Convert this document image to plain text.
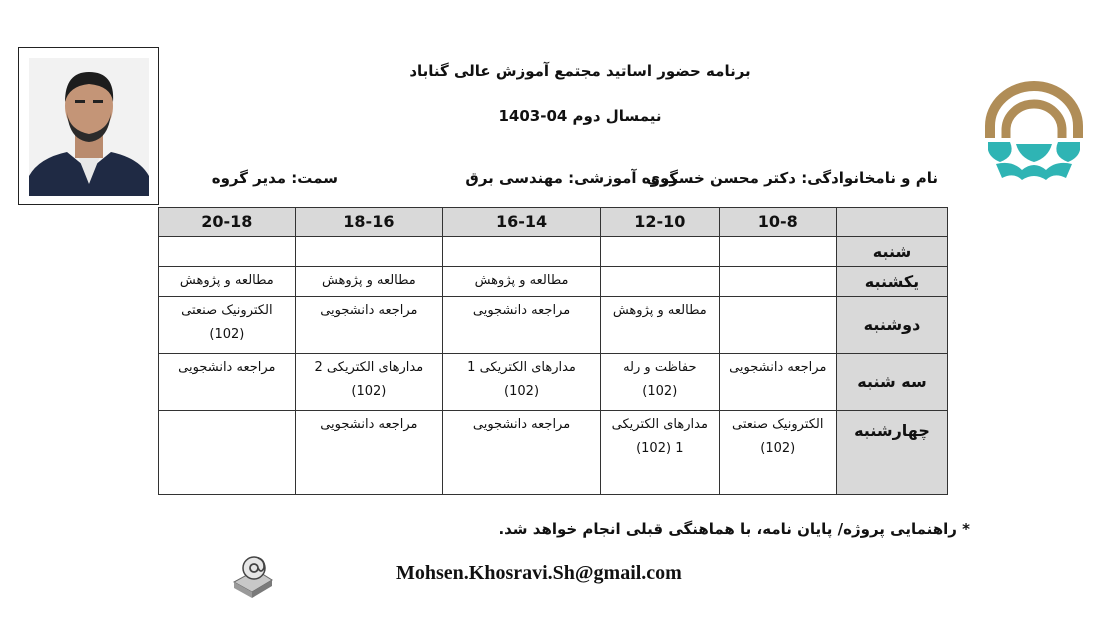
برنامه حضور اساتید مجتمع آموزش عالی گناباد
نیمسال دوم 04-1403
نام و نامخانوادگی: دکتر محسن خسروی
گروه آموزشی: مهندسی برق
سمت: مدیر گروه
	10-8	12-10	16-14	18-16	20-18
شنبه					
یکشنبه			مطالعه و پژوهش	مطالعه و پژوهش	مطالعه و پژوهش
دوشنبه		مطالعه و پژوهش	مراجعه دانشجویی	مراجعه دانشجویی	الکترونیک صنعتی (102)
سه شنبه	مراجعه دانشجویی	حفاظت و رله (102)	مدارهای الکتریکی 1 (102)	مدارهای الکتریکی 2 (102)	مراجعه دانشجویی
چهارشنبه	الکترونیک صنعتی (102)	مدارهای الکتریکی 1 (102)	مراجعه دانشجویی	مراجعه دانشجویی	
* راهنمایی پروژه/ پایان نامه، با هماهنگی قبلی انجام خواهد شد.
Mohsen.Khosravi.Sh@gmail.com
